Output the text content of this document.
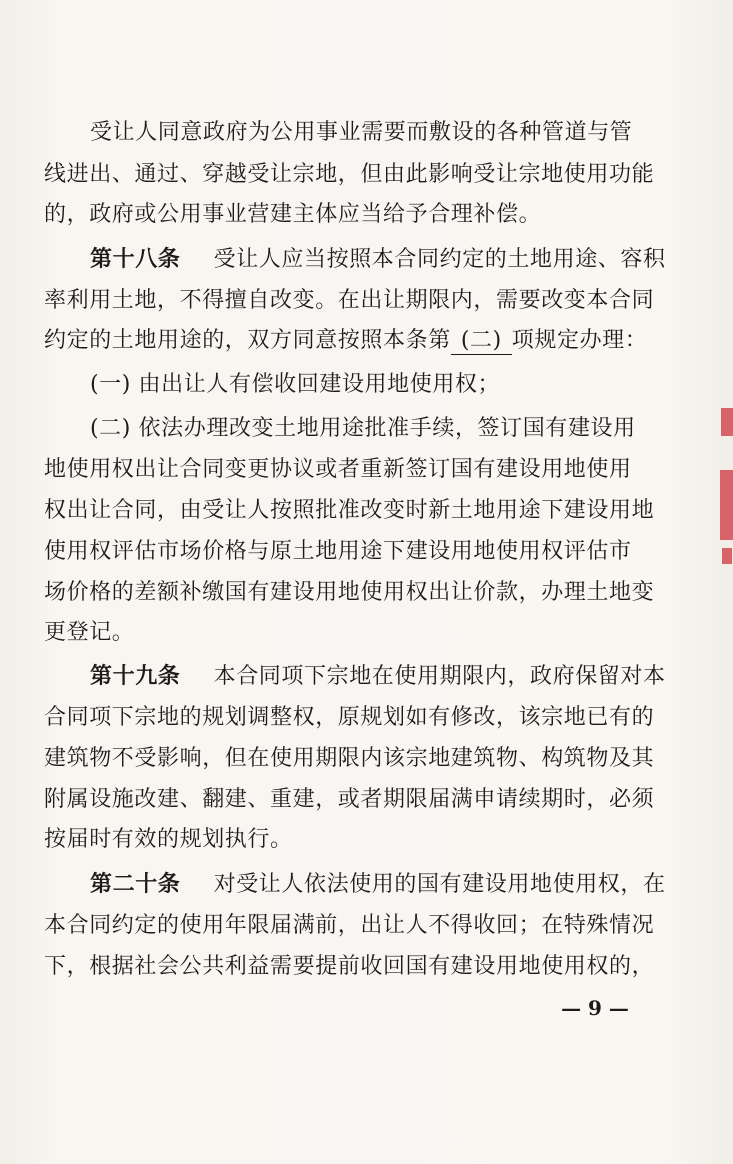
受让人同意政府为公用事业需要而敷设的各种管道与管
线进出、通过、穿越受让宗地，但由此影响受让宗地使用功能
的，政府或公用事业营建主体应当给予合理补偿。
第十八条 受让人应当按照本合同约定的土地用途、容积
率利用土地，不得擅自改变。在出让期限内，需要改变本合同
约定的土地用途的，双方同意按照本条第 (二) 项规定办理：
(一) 由出让人有偿收回建设用地使用权；
(二) 依法办理改变土地用途批准手续，签订国有建设用
地使用权出让合同变更协议或者重新签订国有建设用地使用
权出让合同，由受让人按照批准改变时新土地用途下建设用地
使用权评估市场价格与原土地用途下建设用地使用权评估市
场价格的差额补缴国有建设用地使用权出让价款，办理土地变
更登记。
第十九条 本合同项下宗地在使用期限内，政府保留对本
合同项下宗地的规划调整权，原规划如有修改，该宗地已有的
建筑物不受影响，但在使用期限内该宗地建筑物、构筑物及其
附属设施改建、翻建、重建，或者期限届满申请续期时，必须
按届时有效的规划执行。
第二十条 对受让人依法使用的国有建设用地使用权，在
本合同约定的使用年限届满前，出让人不得收回；在特殊情况
下，根据社会公共利益需要提前收回国有建设用地使用权的，
— 9 —
